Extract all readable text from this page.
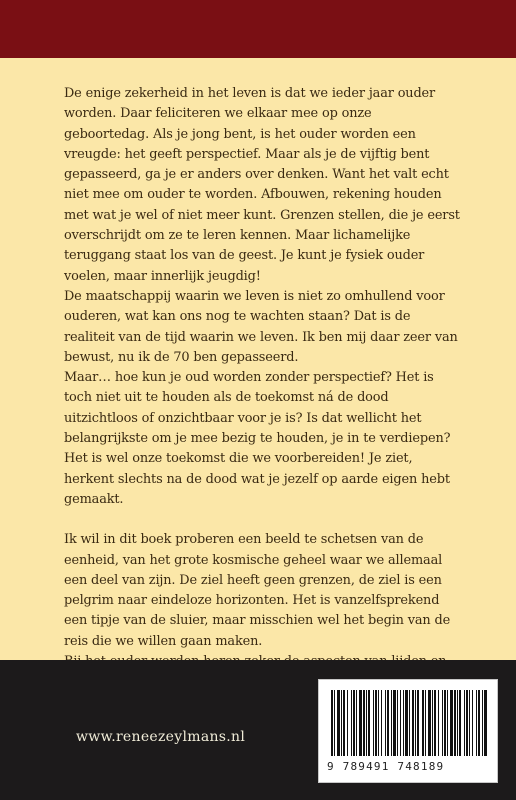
De enige zekerheid in het leven is dat we ieder jaar ouder worden. Daar feliciteren we elkaar mee op onze geboortedag. Als je jong bent, is het ouder worden een vreugde: het geeft perspectief. Maar als je de vijftig bent gepasseerd, ga je er anders over denken. Want het valt echt niet mee om ouder te worden. Afbouwen, rekening houden met wat je wel of niet meer kunt. Grenzen stellen, die je eerst overschrijdt om ze te leren kennen. Maar lichamelijke teruggang staat los van de geest. Je kunt je fysiek ouder voelen, maar innerlijk jeugdig!

De maatschappij waarin we leven is niet zo omhullend voor ouderen, wat kan ons nog te wachten staan? Dat is de realiteit van de tijd waarin we leven. Ik ben mij daar zeer van bewust, nu ik de 70 ben gepasseerd.

Maar… hoe kun je oud worden zonder perspectief? Het is toch niet uit te houden als de toekomst ná de dood uitzichtloos of onzichtbaar voor je is? Is dat wellicht het belangrijkste om je mee bezig te houden, je in te verdiepen? Het is wel onze toekomst die we voorbereiden! Je ziet, herkent slechts na de dood wat je jezelf op aarde eigen hebt gemaakt.

Ik wil in dit boek proberen een beeld te schetsen van de eenheid, van het grote kosmische geheel waar we allemaal een deel van zijn. De ziel heeft geen grenzen, de ziel is een pelgrim naar eindeloze horizonten. Het is vanzelfsprekend een tipje van de sluier, maar misschien wel het begin van de reis die we willen gaan maken.

www.reneezeylmans.nl
9 789491 748189
